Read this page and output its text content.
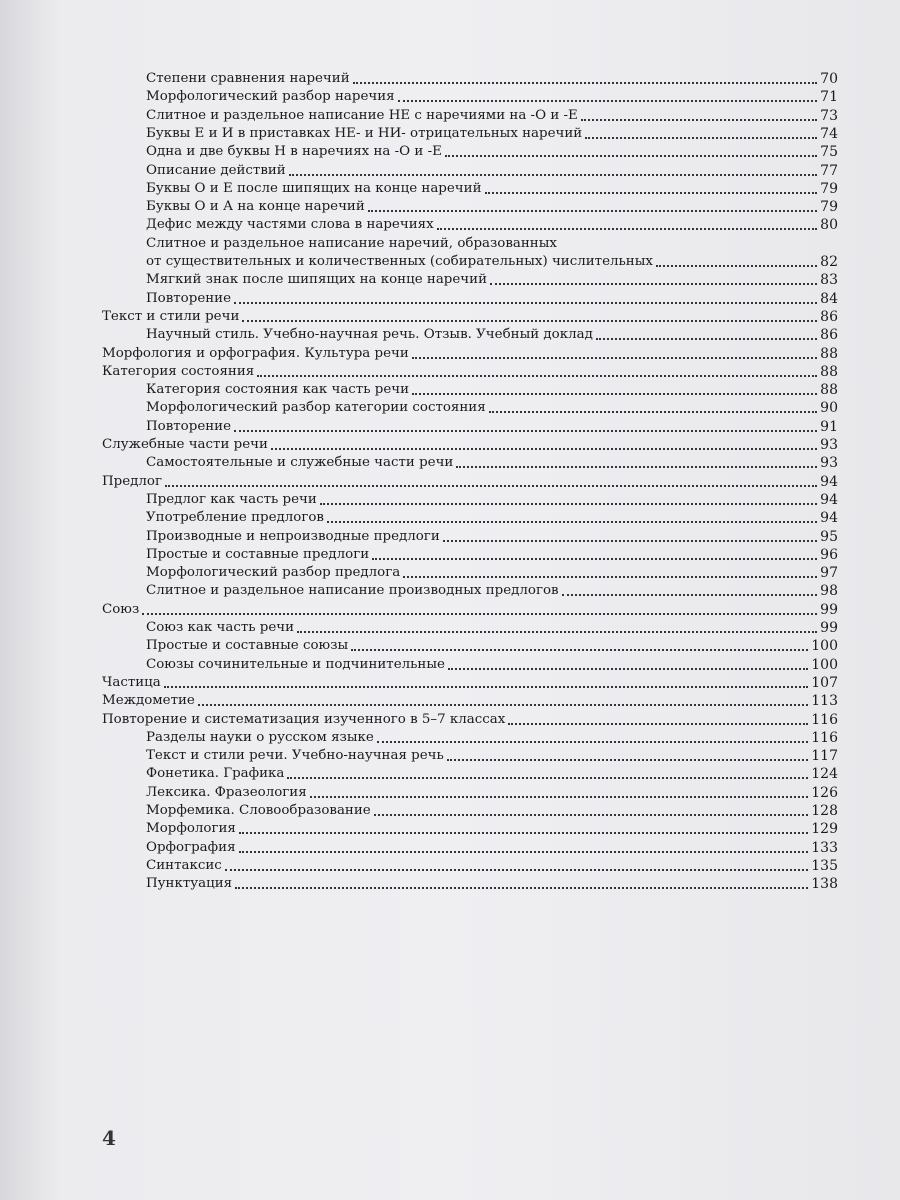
Степени сравнения наречий	70
Морфологический разбор наречия	71
Слитное и раздельное написание НЕ с наречиями на -О и -Е	73
Буквы Е и И в приставках НЕ- и НИ- отрицательных наречий	74
Одна и две буквы Н в наречиях на -О и -Е	75
Описание действий	77
Буквы О и Е после шипящих на конце наречий	79
Буквы О и А на конце наречий	79
Дефис между частями слова в наречиях	80
Слитное и раздельное написание наречий, образованных
от существительных и количественных (собирательных) числительных	82
Мягкий знак после шипящих на конце наречий	83
Повторение	84
Текст и стили речи	86
Научный стиль. Учебно-научная речь. Отзыв. Учебный доклад	86
Морфология и орфография. Культура речи	88
Категория состояния	88
Категория состояния как часть речи	88
Морфологический разбор категории состояния	90
Повторение	91
Служебные части речи	93
Самостоятельные и служебные части речи	93
Предлог	94
Предлог как часть речи	94
Употребление предлогов	94
Производные и непроизводные предлоги	95
Простые и составные предлоги	96
Морфологический разбор предлога	97
Слитное и раздельное написание производных предлогов	98
Союз	99
Союз как часть речи	99
Простые и составные союзы	100
Союзы сочинительные и подчинительные	100
Частица	107
Междометие	113
Повторение и систематизация изученного в 5–7 классах	116
Разделы науки о русском языке	116
Текст и стили речи. Учебно-научная речь	117
Фонетика. Графика	124
Лексика. Фразеология	126
Морфемика. Словообразование	128
Морфология	129
Орфография	133
Синтаксис	135
Пунктуация	138
4
